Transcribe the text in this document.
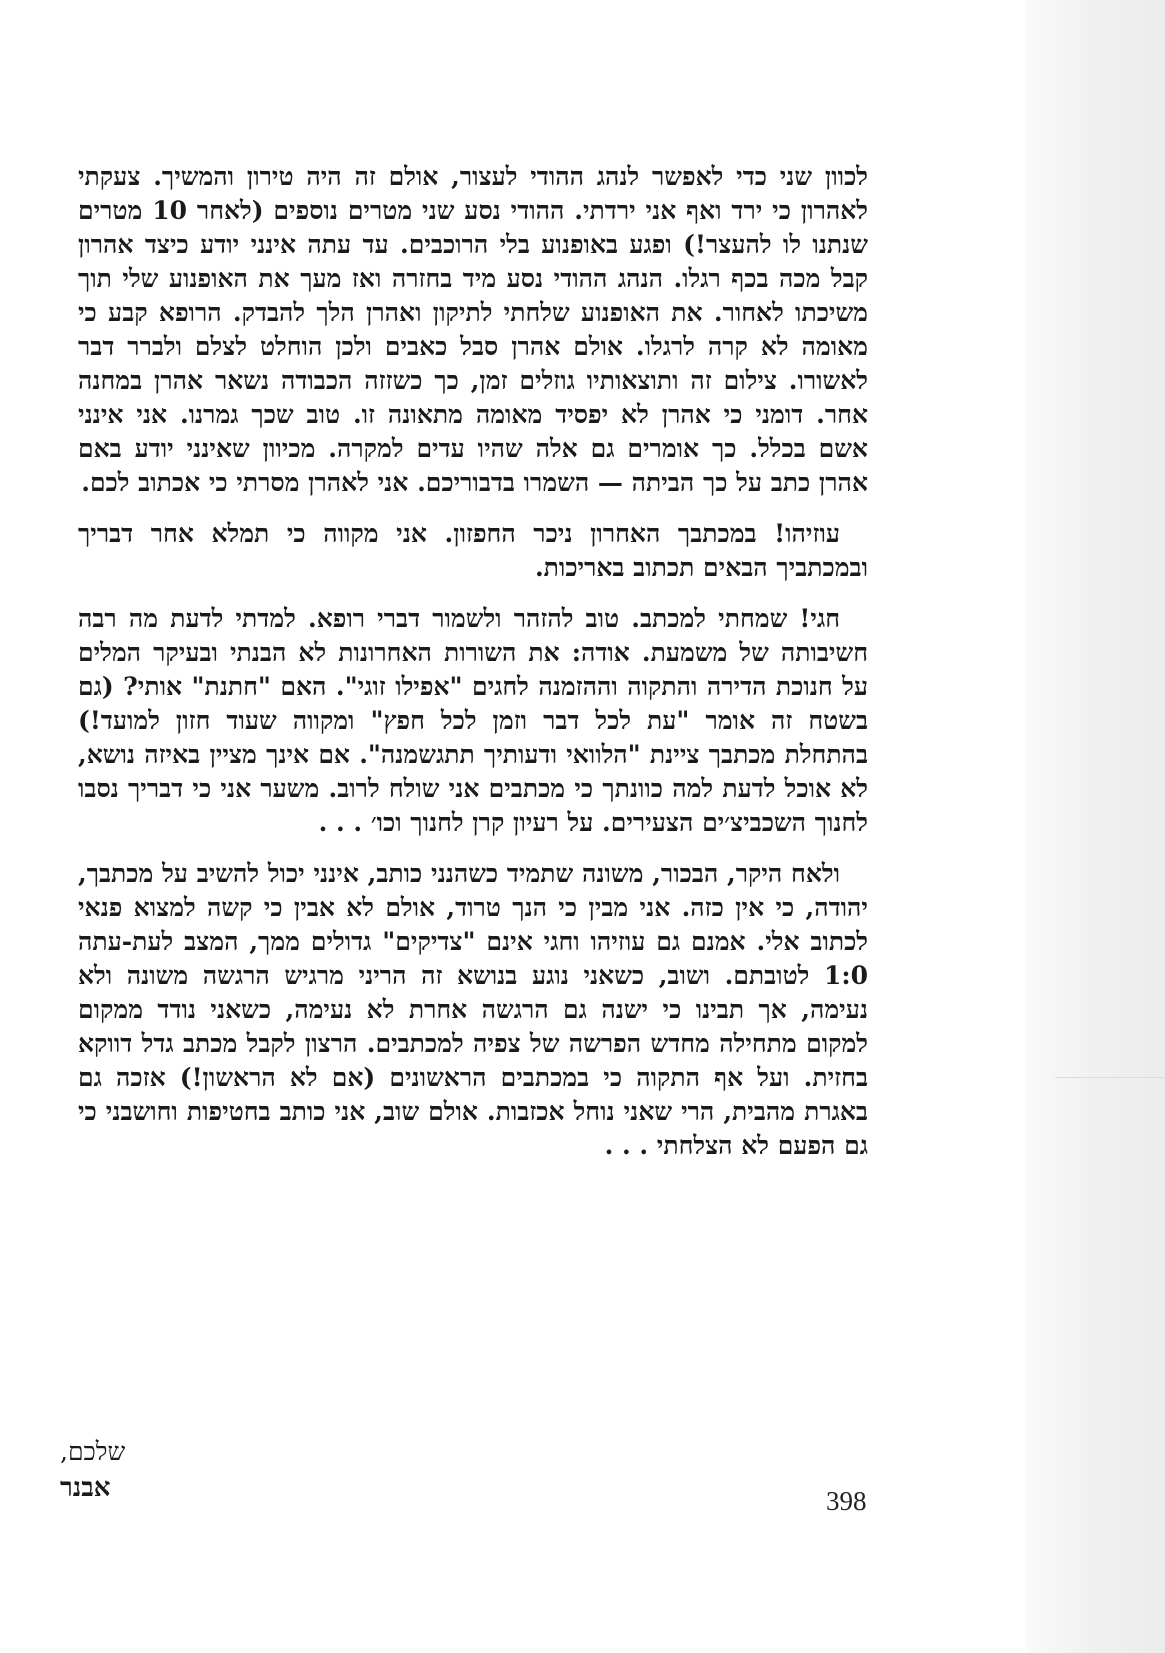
לכוון שני כדי לאפשר לנהג ההודי לעצור, אולם זה היה טירון והמשיך. צעקתי לאהרון כי ירד ואף אני ירדתי. ההודי נסע שני מטרים נוספים (לאחר 10 מטרים שנתנו לו להעצר!) ופגע באופנוע בלי הרוכבים. עד עתה אינני יודע כיצד אהרון קבל מכה בכף רגלו. הנהג ההודי נסע מיד בחזרה ואז מעך את האופנוע שלי תוך משיכתו לאחור. את האופנוע שלחתי לתיקון ואהרן הלך להבדק. הרופא קבע כי מאומה לא קרה לרגלו. אולם אהרן סבל כאבים ולכן הוחלט לצלם ולברר דבר לאשורו. צילום זה ותוצאותיו גוזלים זמן, כך כשזזה הכבודה נשאר אהרן במחנה אחר. דומני כי אהרן לא יפסיד מאומה מתאונה זו. טוב שכך גמרנו. אני אינני אשם בכלל. כך אומרים גם אלה שהיו עדים למקרה. מכיוון שאינני יודע באם אהרן כתב על כך הביתה — השמרו בדבוריכם. אני לאהרן מסרתי כי אכתוב לכם.

עוזיהו! במכתבך האחרון ניכר החפזון. אני מקווה כי תמלא אחר דבריך ובמכתביך הבאים תכתוב באריכות.

חגי! שמחתי למכתב. טוב להזהר ולשמור דברי רופא. למדתי לדעת מה רבה חשיבותה של משמעת. אודה: את השורות האחרונות לא הבנתי ובעיקר המלים על חנוכת הדירה והתקוה וההזמנה לחגים "אפילו זוגי". האם "חתנת" אותי? (גם בשטח זה אומר "עת לכל דבר וזמן לכל חפץ" ומקווה שעוד חזון למועד!) בהתחלת מכתבך ציינת "הלוואי ודעותיך תתגשמנה". אם אינך מציין באיזה נושא, לא אוכל לדעת למה כוונתך כי מכתבים אני שולח לרוב. משער אני כי דבריך נסבו לחנוך השכביצ׳ים הצעירים. על רעיון קרן לחנוך וכו׳ . . .

ולאח היקר, הבכור, משונה שתמיד כשהנני כותב, אינני יכול להשיב על מכתבך, יהודה, כי אין כזה. אני מבין כי הנך טרוד, אולם לא אבין כי קשה למצוא פנאי לכתוב אלי. אמנם גם עוזיהו וחגי אינם "צדיקים" גדולים ממך, המצב לעת-עתה 1:0 לטובתם. ושוב, כשאני נוגע בנושא זה הריני מרגיש הרגשה משונה ולא נעימה, אך תבינו כי ישנה גם הרגשה אחרת לא נעימה, כשאני נודד ממקום למקום מתחילה מחדש הפרשה של צפיה למכתבים. הרצון לקבל מכתב גדל דווקא בחזית. ועל אף התקוה כי במכתבים הראשונים (אם לא הראשון!) אזכה גם באגרת מהבית, הרי שאני נוחל אכזבות. אולם שוב, אני כותב בחטיפות וחושבני כי גם הפעם לא הצלחתי . . .

שלכם,
אבנר	398
